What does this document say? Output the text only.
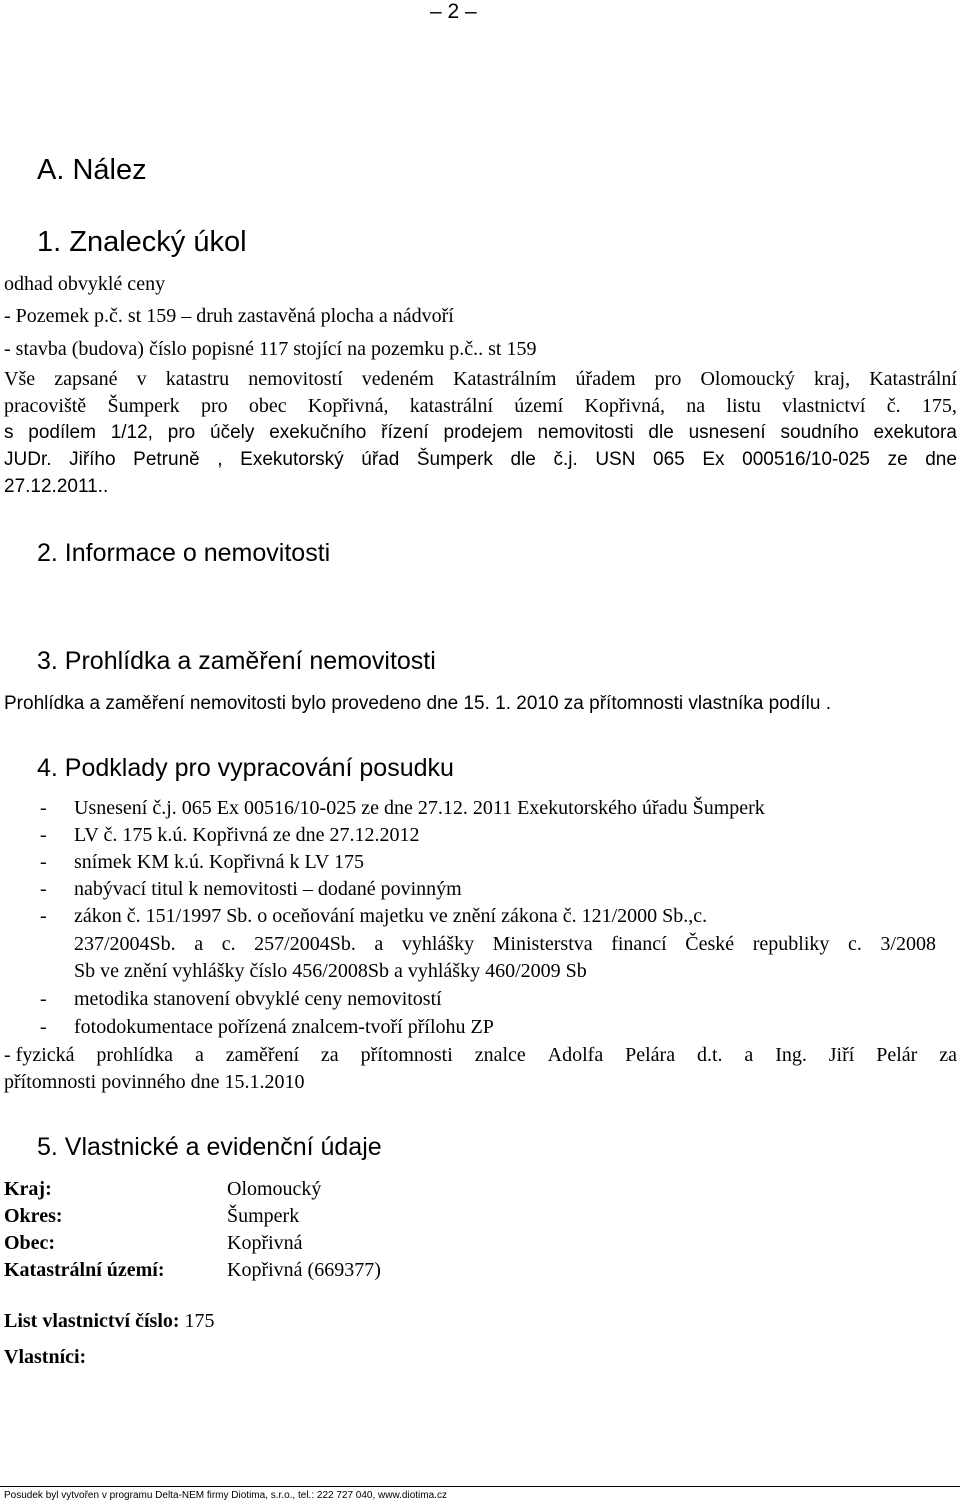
– 2 –
A. Nález
1. Znalecký úkol
odhad obvyklé ceny
- Pozemek p.č. st 159 – druh zastavěná plocha a nádvoří
- stavba (budova) číslo popisné 117 stojící na pozemku p.č.. st 159
Vše zapsané v katastru nemovitostí vedeném Katastrálním úřadem pro Olomoucký kraj, Katastrální
pracoviště Šumperk pro obec Kopřivná, katastrální území Kopřivná, na listu vlastnictví č. 175,
s podílem 1/12, pro účely exekučního řízení prodejem nemovitosti dle usnesení soudního exekutora
JUDr. Jiřího Petruně , Exekutorský úřad Šumperk dle č.j. USN 065 Ex 000516/10-025 ze dne
27.12.2011..
2. Informace o nemovitosti
3. Prohlídka a zaměření nemovitosti
Prohlídka a zaměření nemovitosti bylo provedeno dne 15. 1. 2010 za přítomnosti vlastníka podílu .
4. Podklady pro vypracování posudku
- Usnesení č.j. 065 Ex 00516/10-025 ze dne 27.12. 2011 Exekutorského úřadu Šumperk
- LV č. 175 k.ú. Kopřivná ze dne 27.12.2012
- snímek KM k.ú. Kopřivná k LV 175
- nabývací titul k nemovitosti – dodané povinným
- zákon č. 151/1997 Sb. o oceňování majetku ve znění zákona č. 121/2000 Sb.,c.
237/2004Sb. a c. 257/2004Sb. a vyhlášky Ministerstva financí České republiky c. 3/2008
Sb ve znění vyhlášky číslo 456/2008Sb a vyhlášky 460/2009 Sb
- metodika stanovení obvyklé ceny nemovitostí
- fotodokumentace pořízená znalcem-tvoří přílohu ZP
- fyzická prohlídka a zaměření za přítomnosti znalce Adolfa Pelára d.t. a Ing. Jiří Pelár za
přítomnosti povinného dne 15.1.2010
5. Vlastnické a evidenční údaje
Kraj:	Olomoucký
Okres:	Šumperk
Obec:	Kopřivná
Katastrální území:	Kopřivná (669377)
List vlastnictví číslo: 175
Vlastníci:
Posudek byl vytvořen v programu Delta-NEM firmy Diotima, s.r.o., tel.: 222 727 040, www.diotima.cz
